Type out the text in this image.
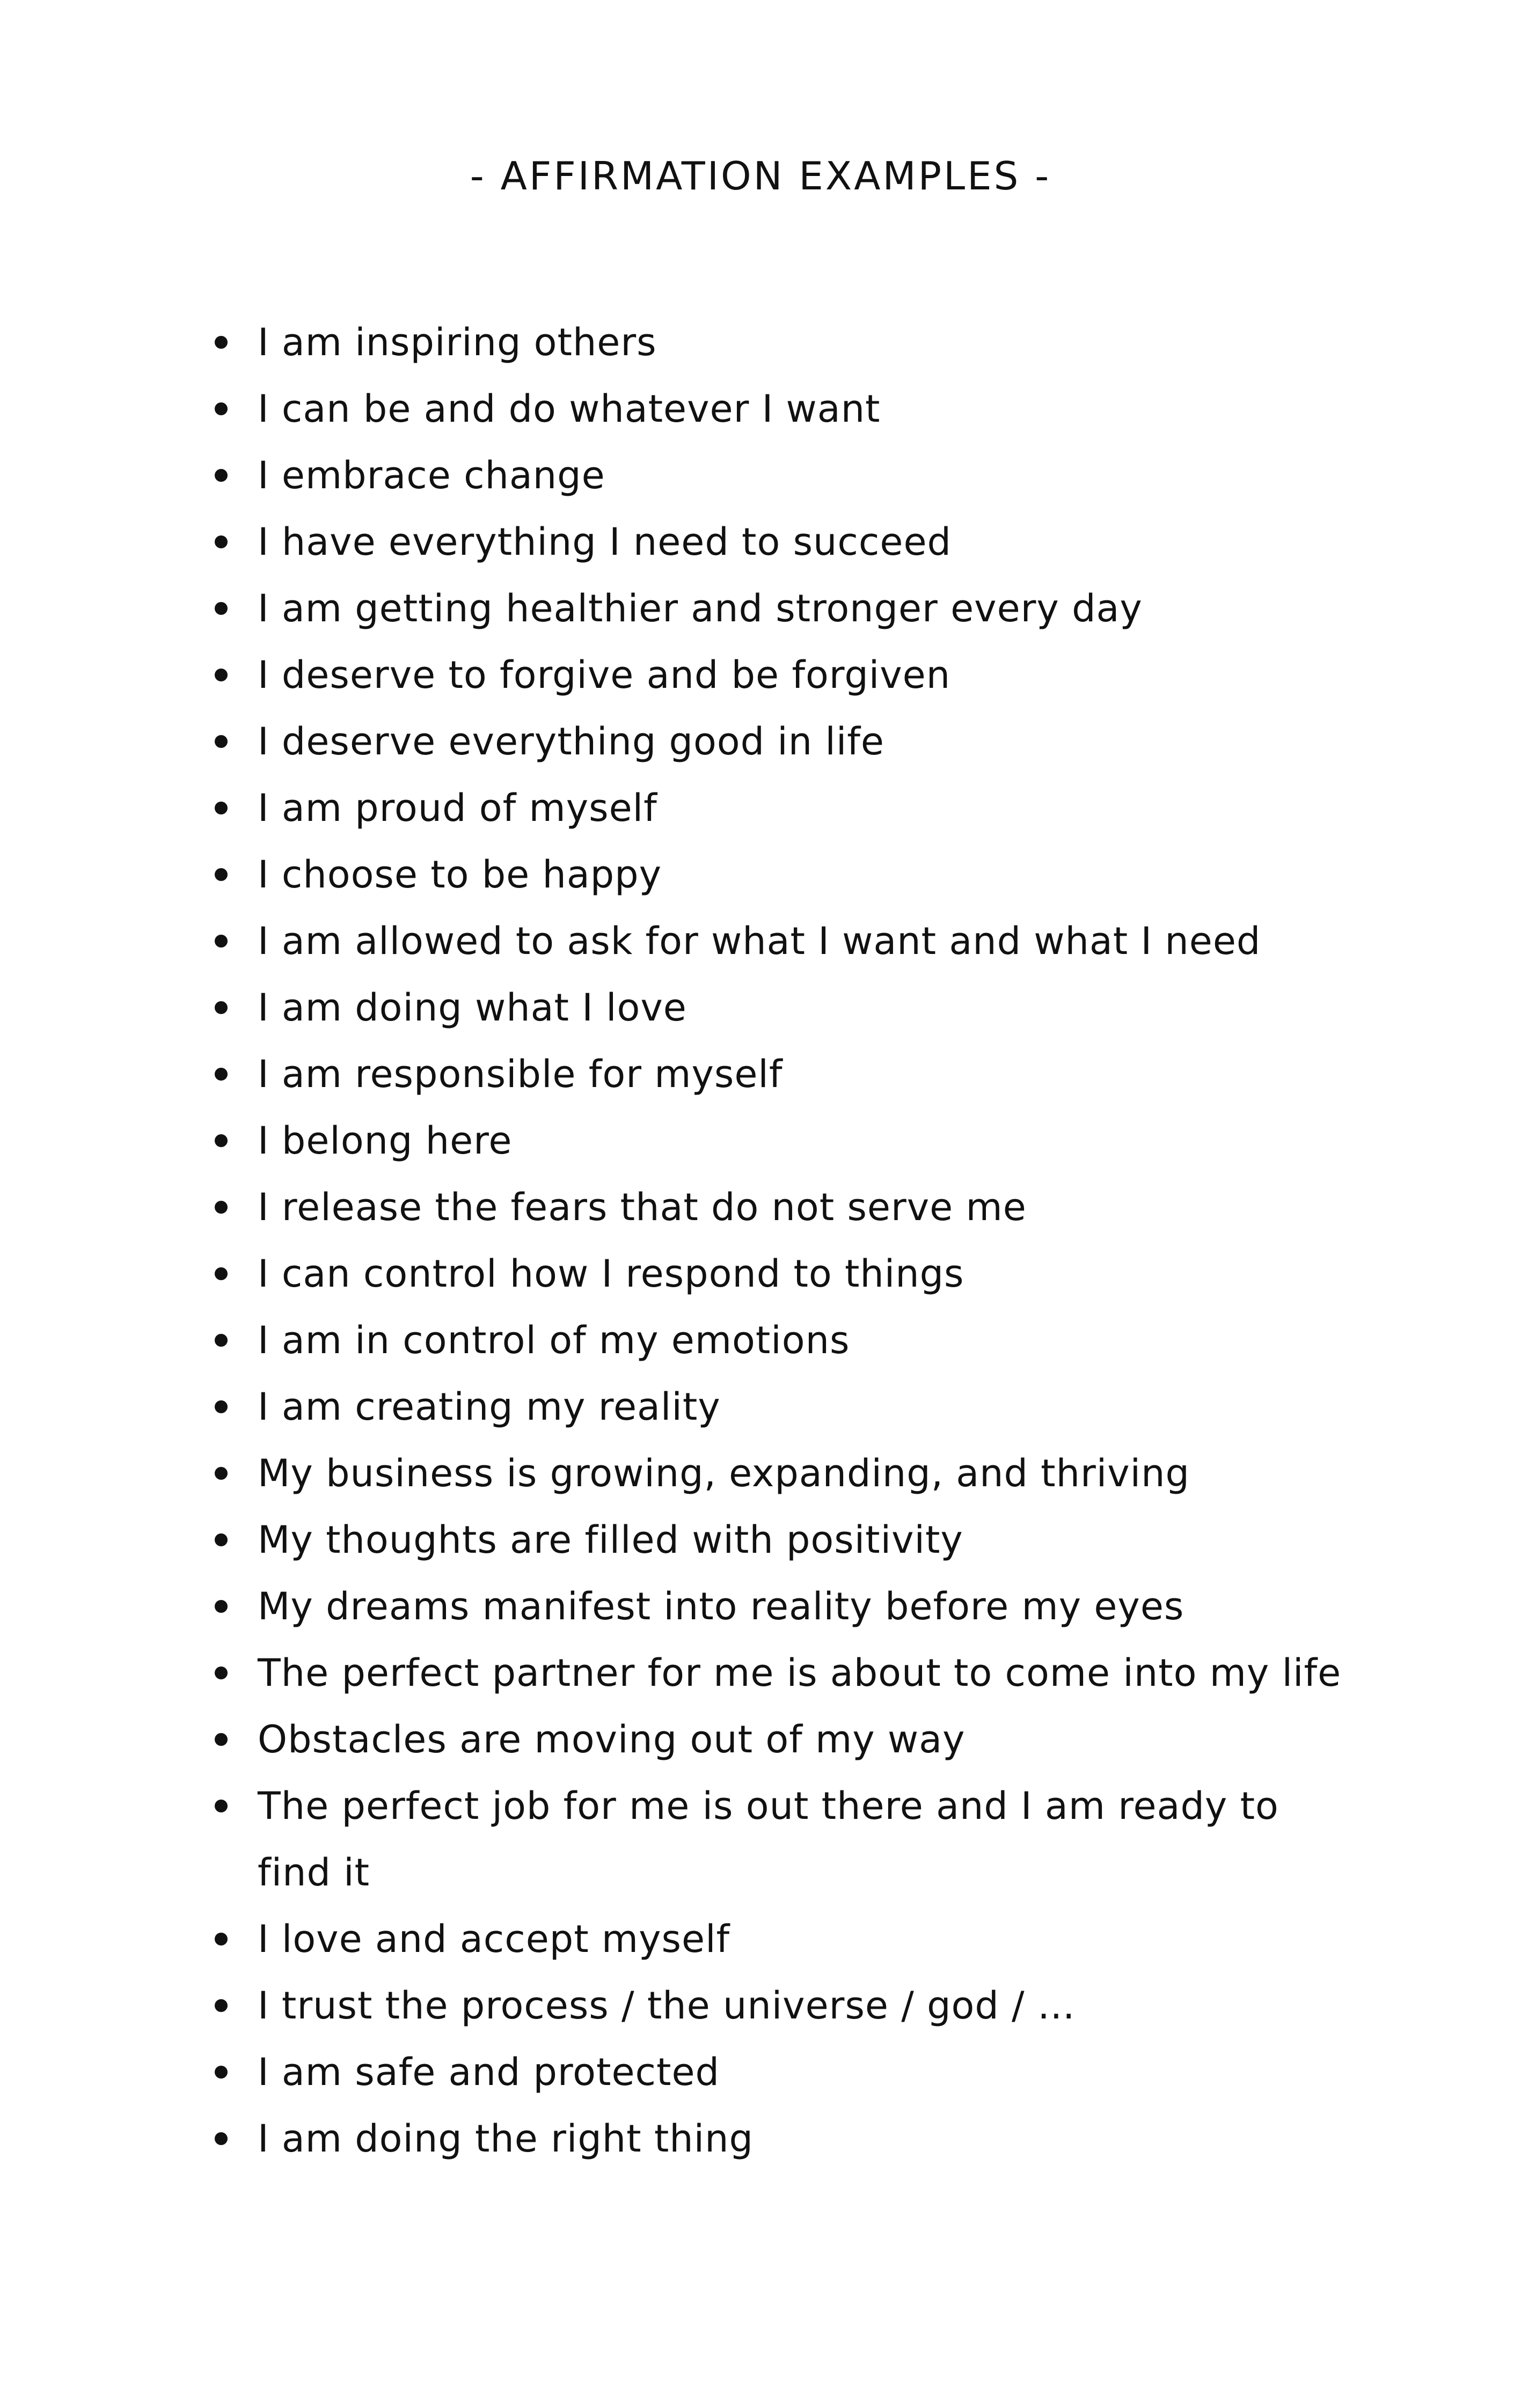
- AFFIRMATION EXAMPLES -
I am inspiring others
I can be and do whatever I want
I embrace change
I have everything I need to succeed
I am getting healthier and stronger every day
I deserve to forgive and be forgiven
I deserve everything good in life
I am proud of myself
I choose to be happy
I am allowed to ask for what I want and what I need
I am doing what I love
I am responsible for myself
I belong here
I release the fears that do not serve me
I can control how I respond to things
I am in control of my emotions
I am creating my reality
My business is growing, expanding, and thriving
My thoughts are filled with positivity
My dreams manifest into reality before my eyes
The perfect partner for me is about to come into my life
Obstacles are moving out of my way
The perfect job for me is out there and I am ready to find it
I love and accept myself
I trust the process / the universe / god / …
I am safe and protected
I am doing the right thing
